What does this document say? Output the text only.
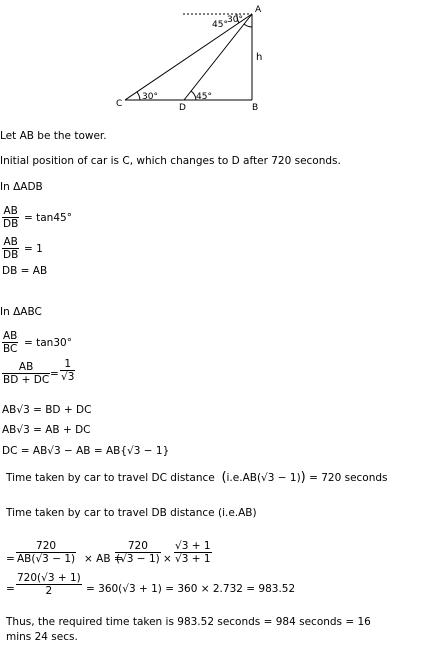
A
B
C	D
h
45° 30°
30°	45°
Let AB be the tower.
Initial position of car is C, which changes to D after 720 seconds.
In ΔADB
$\frac{AB}{DB} = \tan 45^\circ$
$\frac{AB}{DB} = 1$
DB = AB
In ΔABC
$\frac{AB}{BC} = \tan 30^\circ$
$\frac{AB}{BD + DC} = \frac{1}{√3}$
AB√3 = BD + DC
AB√3 = AB + DC
DC = AB√3 − AB = AB{√3 − 1}
Time taken by car to travel DC distance (i.e.AB(√3 − 1)) = 720 seconds
Time taken by car to travel DB distance (i.e.AB)
= $\frac{720}{AB(√3 - 1)}$ × AB =
$\frac{720}{(√3 - 1)} \times \frac{√3 + 1}{√3 + 1}$
= $\frac{720(√3 + 1)}{2} = 360(√3 + 1) = 360 \times 2.732 = 983.52$
Thus, the required time taken is 983.52 seconds = 984 seconds = 16
mins 24 secs.
